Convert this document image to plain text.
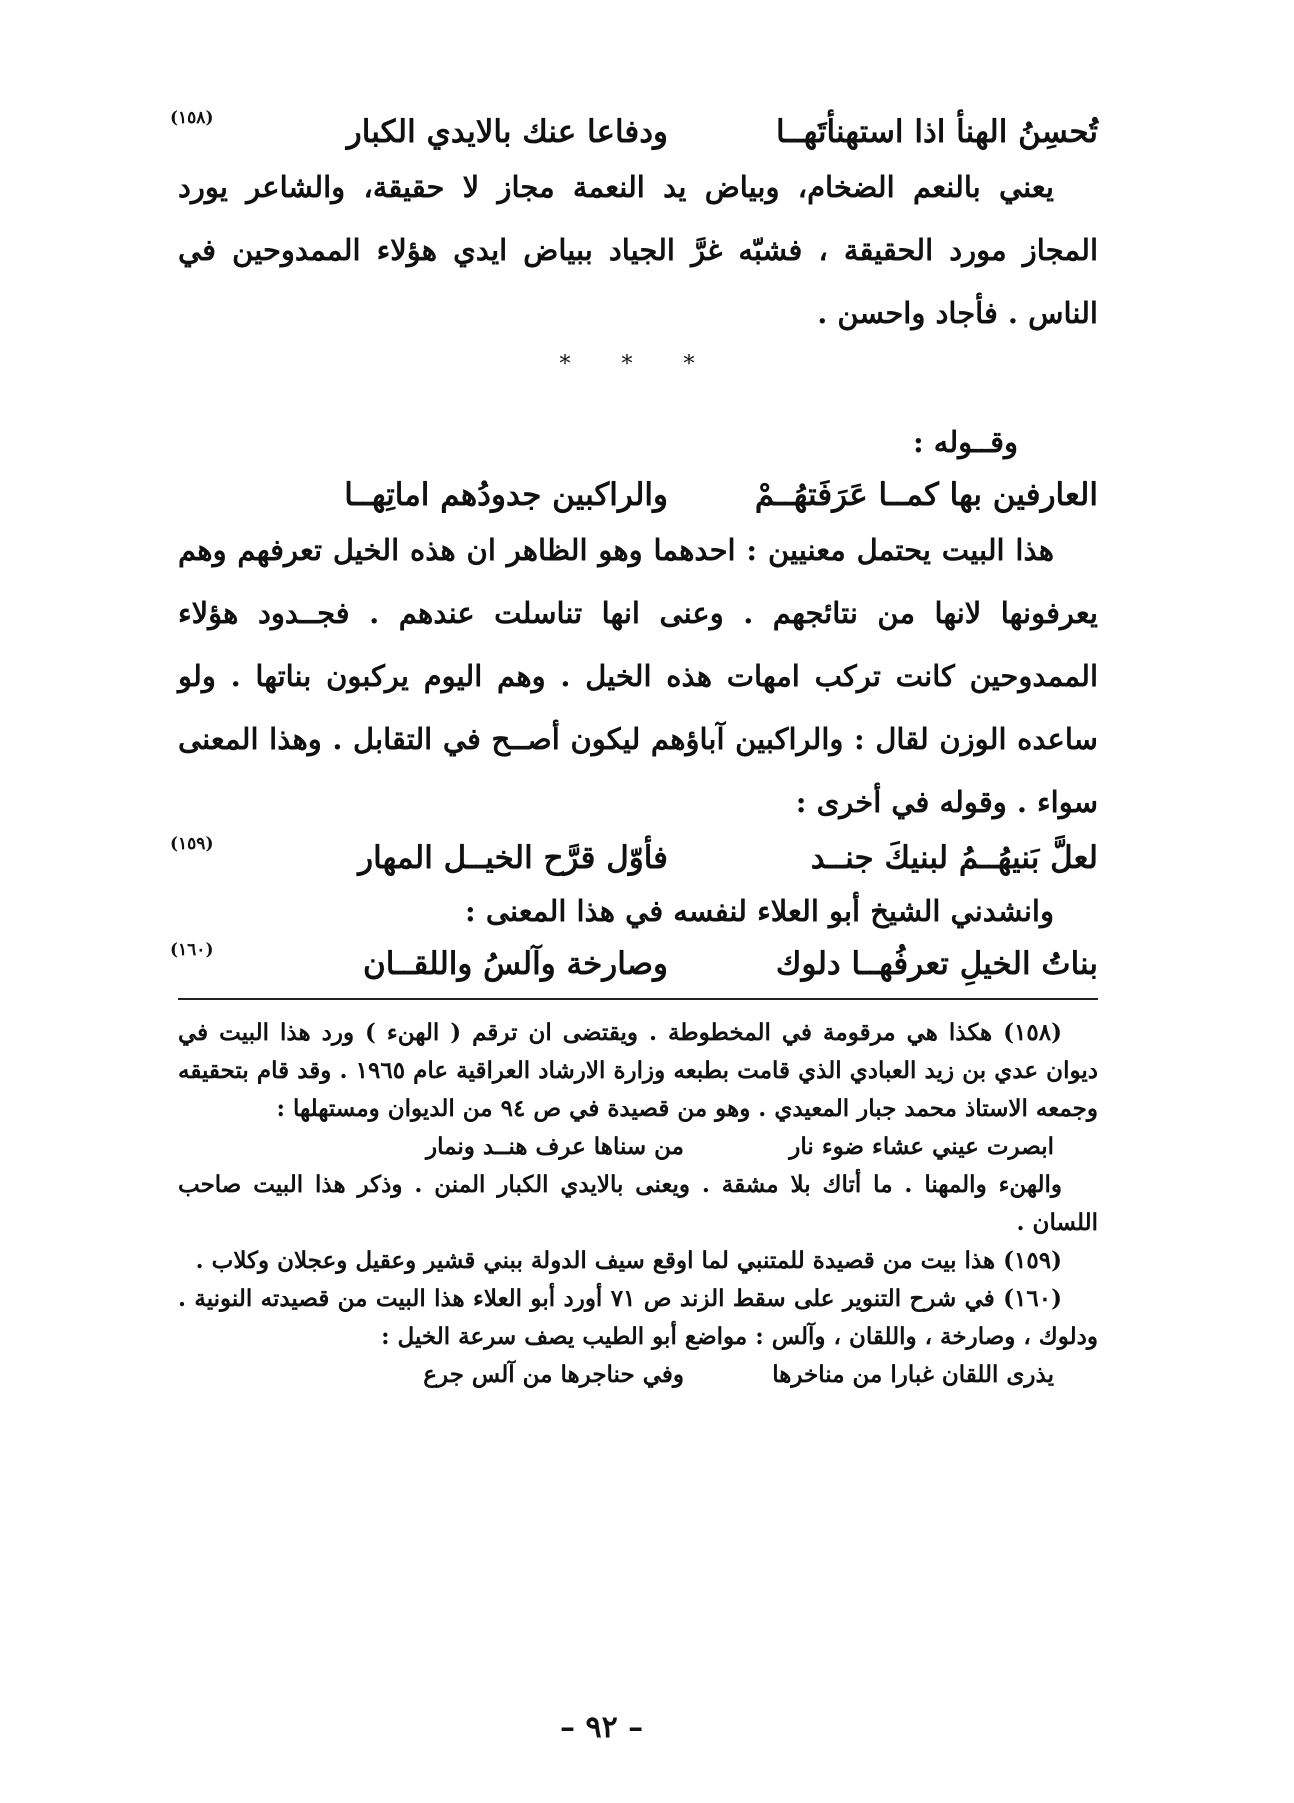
تُحسِنُ الهنأ اذا استهنأتَهــا
ودفاعا عنك بالايدي الكبار
(١٥٨)

يعني بالنعم الضخام، وبياض يد النعمة مجاز لا حقيقة، والشاعر يورد المجاز مورد الحقيقة ، فشبّه غرَّ الجياد ببياض ايدي هؤلاء الممدوحين في الناس . فأجاد واحسن .

* * *

وقــوله :

العارفين بها كمــا عَرَفَتهُــمْ
والراكبين جدودُهم اماتِهــا

هذا البيت يحتمل معنيين : احدهما وهو الظاهر ان هذه الخيل تعرفهم وهم يعرفونها لانها من نتائجهم . وعنى انها تناسلت عندهم . فجــدود هؤلاء الممدوحين كانت تركب امهات هذه الخيل . وهم اليوم يركبون بناتها . ولو ساعده الوزن لقال : والراكبين آباؤهم ليكون أصــح في التقابل . وهذا المعنى سواء . وقوله في أخرى :

لعلَّ بَنيهُــمُ لبنيكَ جنــد
فأوّل قرَّح الخيــل المهار
(١٥٩)

وانشدني الشيخ أبو العلاء لنفسه في هذا المعنى :

بناتُ الخيلِ تعرفُهــا دلوك
وصارخة وآلسُ واللقــان
(١٦٠)

(١٥٨) هكذا هي مرقومة في المخطوطة . ويقتضى ان ترقم ( الهنء ) ورد هذا البيت في ديوان عدي بن زيد العبادي الذي قامت بطبعه وزارة الارشاد العراقية عام ١٩٦٥ . وقد قام بتحقيقه وجمعه الاستاذ محمد جبار المعيدي . وهو من قصيدة في ص ٩٤ من الديوان ومستهلها :

ابصرت عيني عشاء ضوء نار
من سناها عرف هنــد ونمار

والهنء والمهنا . ما أتاك بلا مشقة . ويعنى بالايدي الكبار المنن . وذكر هذا البيت صاحب اللسان .

(١٥٩) هذا بيت من قصيدة للمتنبي لما اوقع سيف الدولة ببني قشير وعقيل وعجلان وكلاب .

(١٦٠) في شرح التنوير على سقط الزند ص ٧١ أورد أبو العلاء هذا البيت من قصيدته النونية . ودلوك ، وصارخة ، واللقان ، وآلس : مواضع أبو الطيب يصف سرعة الخيل :

يذرى اللقان غبارا من مناخرها
وفي حناجرها من آلس جرع
– ٩٢ –
